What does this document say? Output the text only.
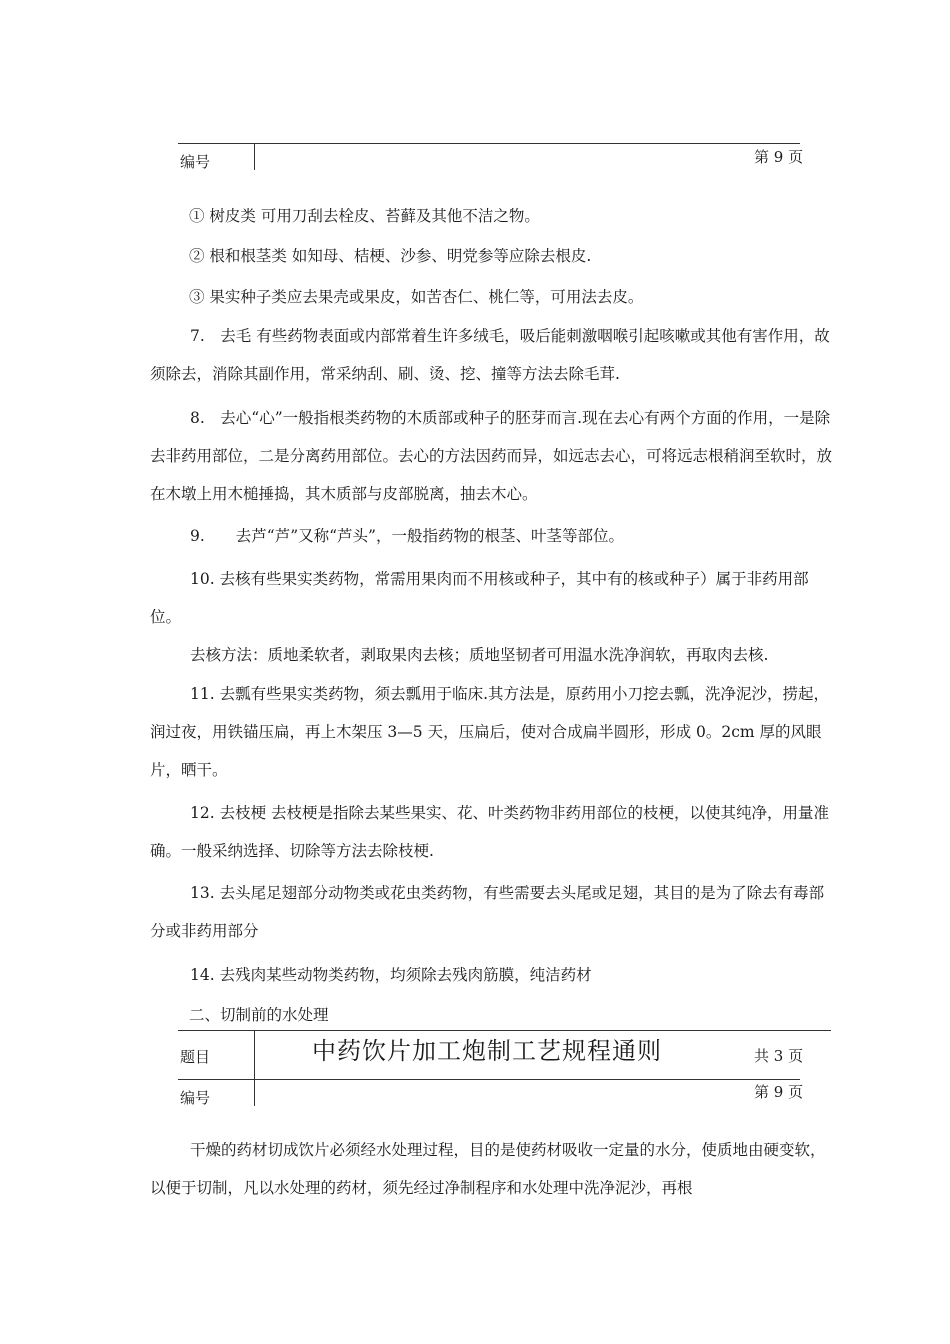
编号	第 9 页
① 树皮类 可用刀刮去栓皮、苔藓及其他不洁之物。
② 根和根茎类 如知母、桔梗、沙参、明党参等应除去根皮.
③ 果实种子类应去果壳或果皮，如苦杏仁、桃仁等，可用法去皮。
7.　去毛 有些药物表面或内部常着生许多绒毛，吸后能刺激咽喉引起咳嗽或其他有害作用，故须除去，消除其副作用，常采纳刮、刷、烫、挖、撞等方法去除毛茸.
8.　去心“心”一般指根类药物的木质部或种子的胚芽而言.现在去心有两个方面的作用，一是除去非药用部位，二是分离药用部位。去心的方法因药而异，如远志去心，可将远志根稍润至软时，放在木墩上用木槌捶捣，其木质部与皮部脱离，抽去木心。
9.　　去芦“芦”又称“芦头”，一般指药物的根茎、叶茎等部位。
10. 去核有些果实类药物，常需用果肉而不用核或种子，其中有的核或种子）属于非药用部位。
去核方法：质地柔软者，剥取果肉去核；质地坚韧者可用温水洗净润软，再取肉去核.
11. 去瓢有些果实类药物，须去瓢用于临床.其方法是，原药用小刀挖去瓢，洗净泥沙，捞起，润过夜，用铁锚压扁，再上木架压 3—5 天，压扁后，使对合成扁半圆形，形成 0。2cm 厚的风眼片，晒干。
12. 去枝梗 去枝梗是指除去某些果实、花、叶类药物非药用部位的枝梗，以使其纯净，用量准确。一般采纳选择、切除等方法去除枝梗.
13. 去头尾足翅部分动物类或花虫类药物，有些需要去头尾或足翅，其目的是为了除去有毒部分或非药用部分
14. 去残肉某些动物类药物，均须除去残肉筋膜，纯洁药材
二、切制前的水处理
题目	中药饮片加工炮制工艺规程通则	共 3 页
编号	第 9 页
干燥的药材切成饮片必须经水处理过程，目的是使药材吸收一定量的水分，使质地由硬变软，以便于切制，凡以水处理的药材，须先经过净制程序和水处理中洗净泥沙，再根
